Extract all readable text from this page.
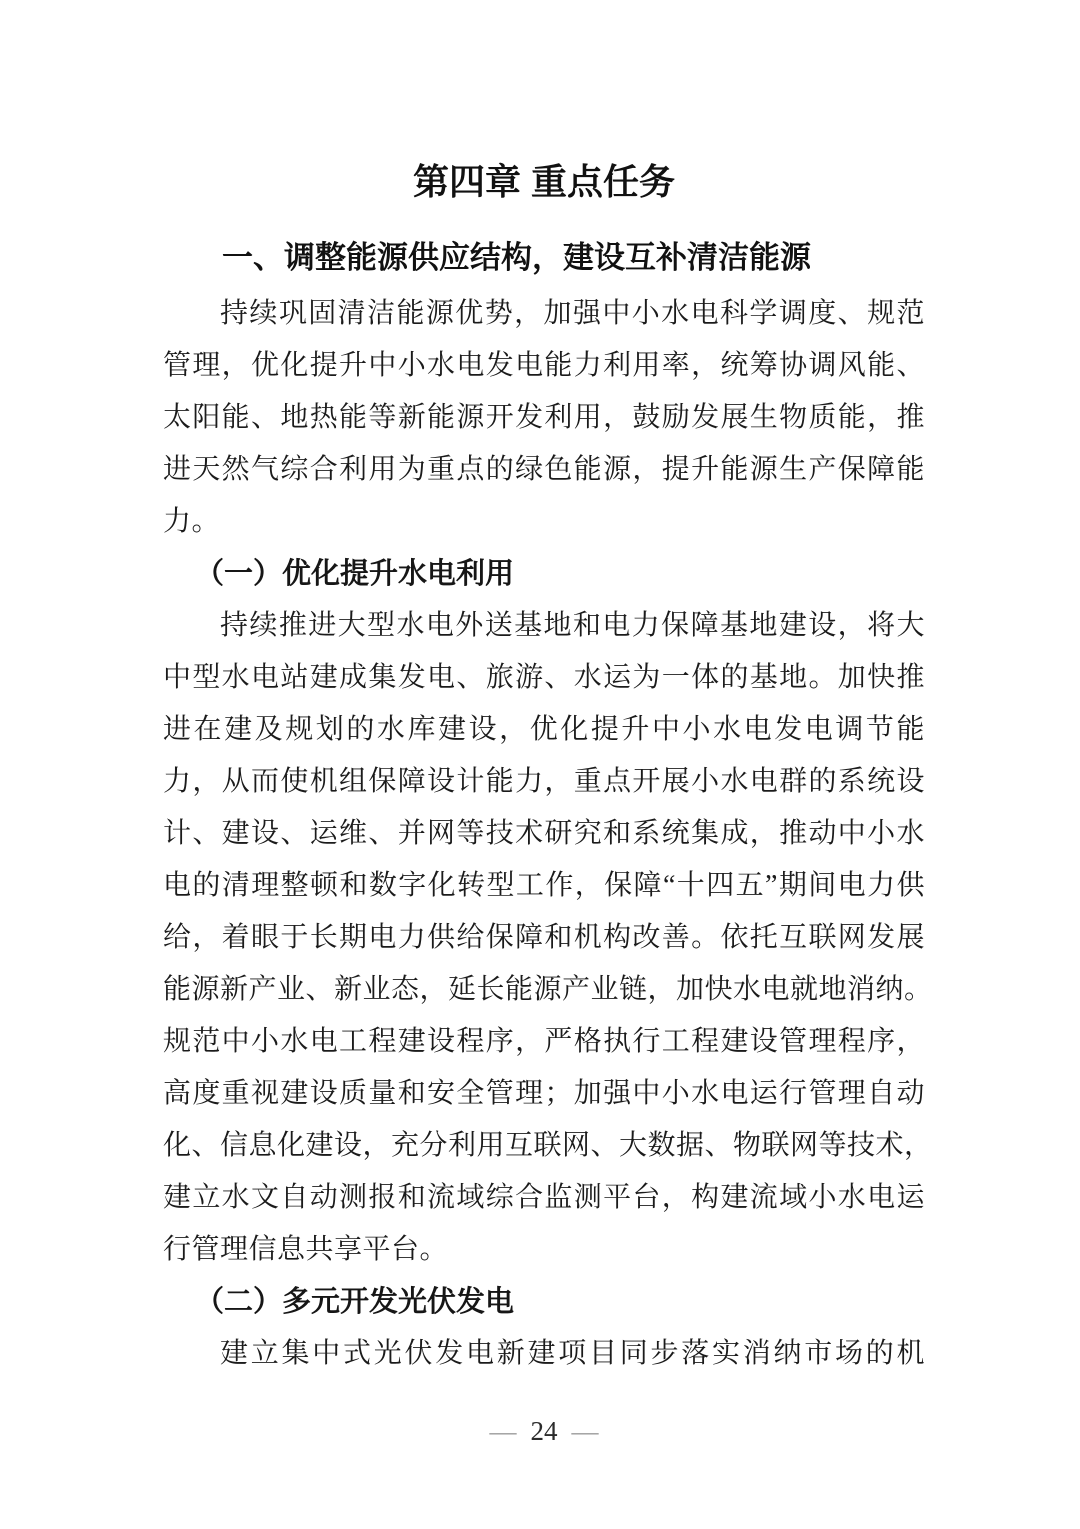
第四章 重点任务
一、调整能源供应结构，建设互补清洁能源
持续巩固清洁能源优势，加强中小水电科学调度、规范
管理，优化提升中小水电发电能力利用率，统筹协调风能、
太阳能、地热能等新能源开发利用，鼓励发展生物质能，推
进天然气综合利用为重点的绿色能源，提升能源生产保障能
力。
（一）优化提升水电利用
持续推进大型水电外送基地和电力保障基地建设，将大
中型水电站建成集发电、旅游、水运为一体的基地。加快推
进在建及规划的水库建设，优化提升中小水电发电调节能
力，从而使机组保障设计能力，重点开展小水电群的系统设
计、建设、运维、并网等技术研究和系统集成，推动中小水
电的清理整顿和数字化转型工作，保障“十四五”期间电力供
给，着眼于长期电力供给保障和机构改善。依托互联网发展
能源新产业、新业态，延长能源产业链，加快水电就地消纳。
规范中小水电工程建设程序，严格执行工程建设管理程序，
高度重视建设质量和安全管理；加强中小水电运行管理自动
化、信息化建设，充分利用互联网、大数据、物联网等技术，
建立水文自动测报和流域综合监测平台，构建流域小水电运
行管理信息共享平台。
（二）多元开发光伏发电
建立集中式光伏发电新建项目同步落实消纳市场的机
— 24 —
